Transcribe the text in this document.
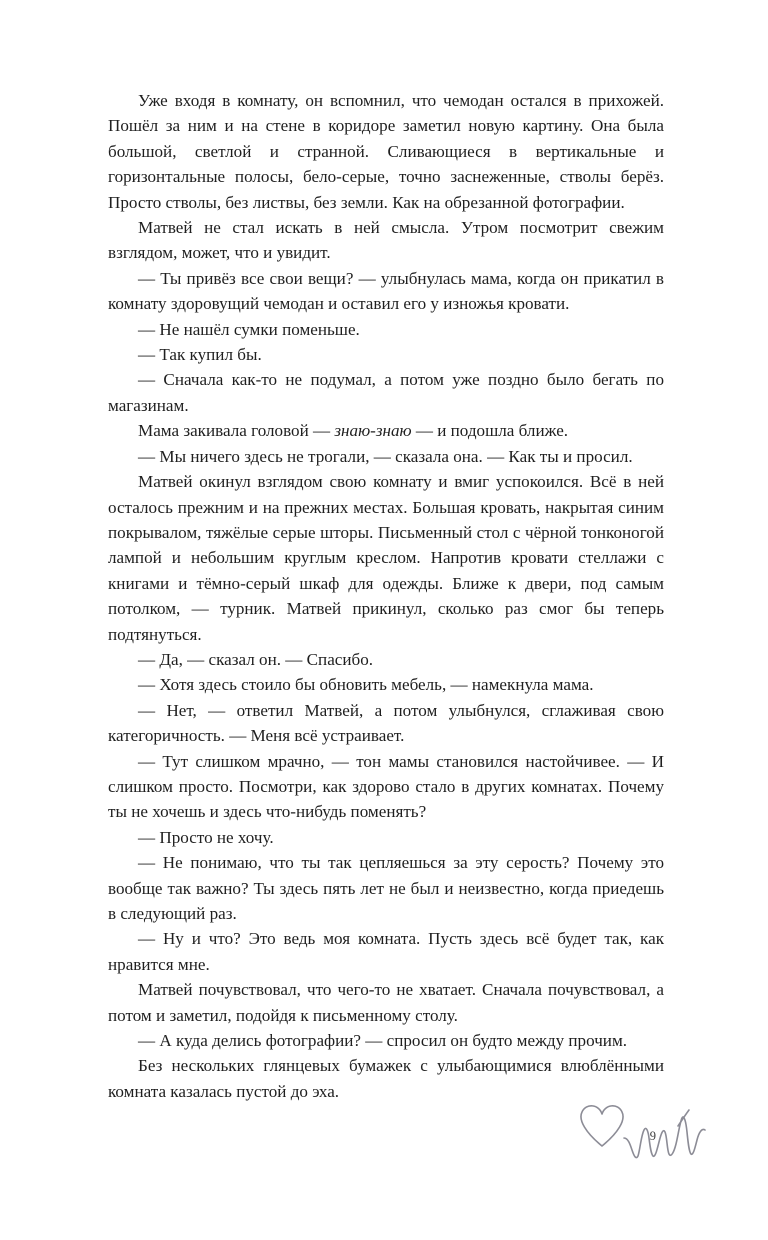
Уже входя в комнату, он вспомнил, что чемодан остался в прихожей. Пошёл за ним и на стене в коридоре заметил новую картину. Она была большой, светлой и странной. Сливающиеся в вертикальные и горизонтальные полосы, бело-серые, точно заснеженные, стволы берёз. Просто стволы, без листвы, без земли. Как на обрезанной фотографии.

Матвей не стал искать в ней смысла. Утром посмотрит свежим взглядом, может, что и увидит.

— Ты привёз все свои вещи? — улыбнулась мама, когда он прикатил в комнату здоровущий чемодан и оставил его у изножья кровати.

— Не нашёл сумки поменьше.

— Так купил бы.

— Сначала как-то не подумал, а потом уже поздно было бегать по магазинам.

Мама закивала головой — знаю-знаю — и подошла ближе.

— Мы ничего здесь не трогали, — сказала она. — Как ты и просил.

Матвей окинул взглядом свою комнату и вмиг успокоился. Всё в ней осталось прежним и на прежних местах. Большая кровать, накрытая синим покрывалом, тяжёлые серые шторы. Письменный стол с чёрной тонконогой лампой и небольшим круглым креслом. Напротив кровати стеллажи с книгами и тёмно-серый шкаф для одежды. Ближе к двери, под самым потолком, — турник. Матвей прикинул, сколько раз смог бы теперь подтянуться.

— Да, — сказал он. — Спасибо.

— Хотя здесь стоило бы обновить мебель, — намекнула мама.

— Нет, — ответил Матвей, а потом улыбнулся, сглаживая свою категоричность. — Меня всё устраивает.

— Тут слишком мрачно, — тон мамы становился настойчивее. — И слишком просто. Посмотри, как здорово стало в других комнатах. Почему ты не хочешь и здесь что-нибудь поменять?

— Просто не хочу.

— Не понимаю, что ты так цепляешься за эту серость? Почему это вообще так важно? Ты здесь пять лет не был и неизвестно, когда приедешь в следующий раз.

— Ну и что? Это ведь моя комната. Пусть здесь всё будет так, как нравится мне.

Матвей почувствовал, что чего-то не хватает. Сначала почувствовал, а потом и заметил, подойдя к письменному столу.

— А куда делись фотографии? — спросил он будто между прочим.

Без нескольких глянцевых бумажек с улыбающимися влюблёнными комната казалась пустой до эха.

9
